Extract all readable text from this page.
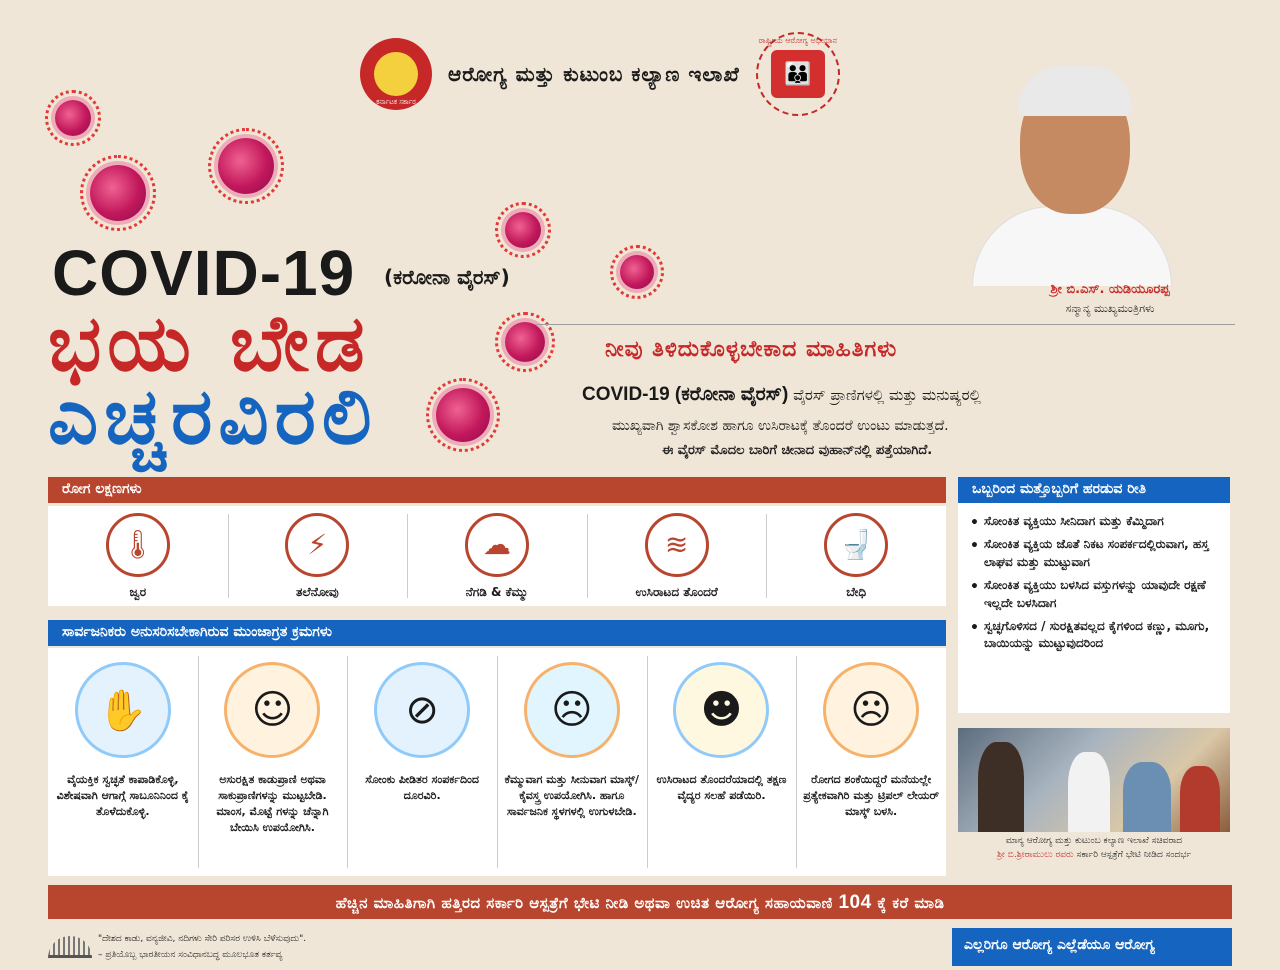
ಕರ್ನಾಟಕ ಸರ್ಕಾರ
ಆರೋಗ್ಯ ಮತ್ತು ಕುಟುಂಬ ಕಲ್ಯಾಣ ಇಲಾಖೆ
ರಾಷ್ಟ್ರೀಯ ಆರೋಗ್ಯ ಅಭಿಯಾನ
👪
COVID-19 (ಕರೋನಾ ವೈರಸ್)
ಭಯ ಬೇಡ
ಎಚ್ಚರವಿರಲಿ
ಶ್ರೀ ಬಿ.ಎಸ್. ಯಡಿಯೂರಪ್ಪ
ಸನ್ಮಾನ್ಯ ಮುಖ್ಯಮಂತ್ರಿಗಳು
ನೀವು ತಿಳಿದುಕೊಳ್ಳಬೇಕಾದ ಮಾಹಿತಿಗಳು
COVID-19 (ಕರೋನಾ ವೈರಸ್) ವೈರಸ್ ಪ್ರಾಣಿಗಳಲ್ಲಿ ಮತ್ತು ಮನುಷ್ಯರಲ್ಲಿ
ಮುಖ್ಯವಾಗಿ ಶ್ವಾಸಕೋಶ ಹಾಗೂ ಉಸಿರಾಟಕ್ಕೆ ತೊಂದರೆ ಉಂಟು ಮಾಡುತ್ತದೆ.
ಈ ವೈರಸ್ ಮೊದಲ ಬಾರಿಗೆ ಚೀನಾದ ವುಹಾನ್‌ನಲ್ಲಿ ಪತ್ತೆಯಾಗಿದೆ.
ರೋಗ ಲಕ್ಷಣಗಳು
🌡
ಜ್ವರ
⚡
ತಲೆನೋವು
☁
ನೆಗಡಿ & ಕೆಮ್ಮು
≋
ಉಸಿರಾಟದ ತೊಂದರೆ
🚽
ಬೇಧಿ
ಸಾರ್ವಜನಿಕರು ಅನುಸರಿಸಬೇಕಾಗಿರುವ ಮುಂಜಾಗ್ರತ ಕ್ರಮಗಳು
✋
ವೈಯಕ್ತಿಕ ಸ್ವಚ್ಛತೆ ಕಾಪಾಡಿಕೊಳ್ಳಿ, ವಿಶೇಷವಾಗಿ ಆಗಾಗ್ಗೆ ಸಾಬೂನಿನಿಂದ ಕೈ ತೊಳೆದುಕೊಳ್ಳಿ.
☺
ಅಸುರಕ್ಷಿತ ಕಾಡುಪ್ರಾಣಿ ಅಥವಾ ಸಾಕುಪ್ರಾಣಿಗಳನ್ನು ಮುಟ್ಟಬೇಡಿ. ಮಾಂಸ, ಮೊಟ್ಟೆ ಗಳನ್ನು ಚೆನ್ನಾಗಿ ಬೇಯಿಸಿ ಉಪಯೋಗಿಸಿ.
⊘
ಸೋಂಕು ಪೀಡಿತರ ಸಂಪರ್ಕದಿಂದ ದೂರವಿರಿ.
☹
ಕೆಮ್ಮುವಾಗ ಮತ್ತು ಸೀನುವಾಗ ಮಾಸ್ಕ್/ ಕೈವಸ್ತ್ರ ಉಪಯೋಗಿಸಿ. ಹಾಗೂ ಸಾರ್ವಜನಿಕ ಸ್ಥಳಗಳಲ್ಲಿ ಉಗುಳಬೇಡಿ.
☻
ಉಸಿರಾಟದ ತೊಂದರೆಯಾದಲ್ಲಿ ತಕ್ಷಣ ವೈದ್ಯರ ಸಲಹೆ ಪಡೆಯಿರಿ.
☹
ರೋಗದ ಶಂಕೆಯಿದ್ದರೆ ಮನೆಯಲ್ಲೇ ಪ್ರತ್ಯೇಕವಾಗಿರಿ ಮತ್ತು ಟ್ರಿಪಲ್ ಲೇಯರ್ ಮಾಸ್ಕ್ ಬಳಸಿ.
ಒಬ್ಬರಿಂದ ಮತ್ತೊಬ್ಬರಿಗೆ ಹರಡುವ ರೀತಿ
• ಸೋಂಕಿತ ವ್ಯಕ್ತಿಯು ಸೀನಿದಾಗ ಮತ್ತು ಕೆಮ್ಮಿದಾಗ
• ಸೋಂಕಿತ ವ್ಯಕ್ತಿಯ ಜೊತೆ ನಿಕಟ ಸಂಪರ್ಕದಲ್ಲಿರುವಾಗ, ಹಸ್ತ ಲಾಘವ ಮತ್ತು ಮುಟ್ಟುವಾಗ
• ಸೋಂಕಿತ ವ್ಯಕ್ತಿಯು ಬಳಸಿದ ವಸ್ತುಗಳನ್ನು ಯಾವುದೇ ರಕ್ಷಣೆ ಇಲ್ಲದೇ ಬಳಸಿದಾಗ
• ಸ್ವಚ್ಛಗೊಳಿಸದ / ಸುರಕ್ಷಿತವಲ್ಲದ ಕೈಗಳಿಂದ ಕಣ್ಣು, ಮೂಗು, ಬಾಯಿಯನ್ನು ಮುಟ್ಟುವುದರಿಂದ
ಮಾನ್ಯ ಆರೋಗ್ಯ ಮತ್ತು ಕುಟುಂಬ ಕಲ್ಯಾಣ ಇಲಾಖೆ ಸಚಿವರಾದ
ಶ್ರೀ ಬಿ.ಶ್ರೀರಾಮುಲು ರವರು ಸರ್ಕಾರಿ ಆಸ್ಪತ್ರೆಗೆ ಭೇಟಿ ನೀಡಿದ ಸಂದರ್ಭ
ಹೆಚ್ಚಿನ ಮಾಹಿತಿಗಾಗಿ ಹತ್ತಿರದ ಸರ್ಕಾರಿ ಆಸ್ಪತ್ರೆಗೆ ಭೇಟಿ ನೀಡಿ ಅಥವಾ ಉಚಿತ ಆರೋಗ್ಯ ಸಹಾಯವಾಣಿ 104 ಕ್ಕೆ ಕರೆ ಮಾಡಿ
"ದೇಶದ ಕಾಡು, ವನ್ಯಜೀವಿ, ನದಿಗಳು ಸೇರಿ ಪರಿಸರ ಉಳಿಸಿ ಬೆಳೆಸುವುದು".
– ಪ್ರತಿಯೊಬ್ಬ ಭಾರತೀಯನ ಸಂವಿಧಾನಬದ್ಧ ಮೂಲಭೂತ ಕರ್ತವ್ಯ
ಎಲ್ಲರಿಗೂ ಆರೋಗ್ಯ ಎಲ್ಲೆಡೆಯೂ ಆರೋಗ್ಯ
